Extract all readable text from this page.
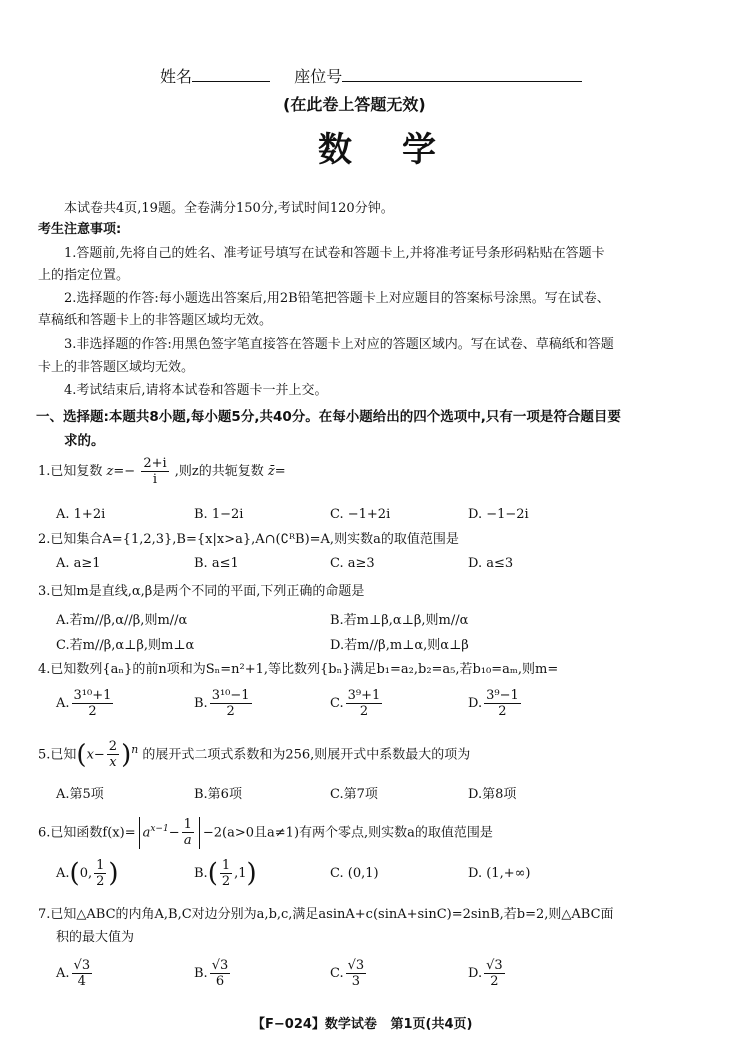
姓名	座位号
(在此卷上答题无效)
数学
本试卷共4页,19题。全卷满分150分,考试时间120分钟。
考生注意事项:
1.答题前,先将自己的姓名、准考证号填写在试卷和答题卡上,并将准考证号条形码粘贴在答题卡
上的指定位置。
2.选择题的作答:每小题选出答案后,用2B铅笔把答题卡上对应题目的答案标号涂黑。写在试卷、
草稿纸和答题卡上的非答题区域均无效。
3.非选择题的作答:用黑色签字笔直接答在答题卡上对应的答题区域内。写在试卷、草稿纸和答题
卡上的非答题区域均无效。
4.考试结束后,请将本试卷和答题卡一并上交。
一、选择题:本题共8小题,每小题5分,共40分。在每小题给出的四个选项中,只有一项是符合题目要
求的。
1.已知复数 $z=- \frac{2+i}{i}$ ,则z的共轭复数 z̄=
A. 1+2i	B. 1−2i	C. −1+2i	D. −1−2i
2.已知集合A={1,2,3},B={x|x>a},A∩(∁ᴿB)=A,则实数a的取值范围是
A. a≥1	B. a≤1	C. a≥3	D. a≤3
3.已知m是直线,α,β是两个不同的平面,下列正确的命题是
A.若m//β,α//β,则m//α	B.若m⊥β,α⊥β,则m//α
C.若m//β,α⊥β,则m⊥α	D.若m//β,m⊥α,则α⊥β
4.已知数列{aₙ}的前n项和为Sₙ=n²+1,等比数列{bₙ}满足b₁=a₂,b₂=a₅,若b₁₀=aₘ,则m=
A. $\frac{\text{3¹⁰+1}}{2}$	B. $\frac{\text{3¹⁰−1}}{2}$	C. $\frac{\text{3⁹+1}}{2}$	D. $\frac{\text{3⁹−1}}{2}$
5.已知$(x- \frac{2}{x} )^n$ 的展开式二项式系数和为256,则展开式中系数最大的项为
A.第5项	B.第6项	C.第7项	D.第8项
6.已知函数$f(x)= a^{x-1}- \frac{1}{a} -2(a>0$且a≠1)有两个零点,则实数a的取值范围是
A.(0, $\frac{1}{2}$ )	$B.( \frac{1}{2} ,1)$	C. (0,1)	D. (1,+∞)
7.已知△ABC的内角A,B,C对边分别为a,b,c,满足asinA+c(sinA+sinC)=2sinB,若b=2,则△ABC面
积的最大值为
A. $\frac{√3}{4}$	B. $\frac{√3}{6}$	C. $\frac{√3}{3}$	D. $\frac{√3}{2}$
【F−024】数学试卷   第1页(共4页)
